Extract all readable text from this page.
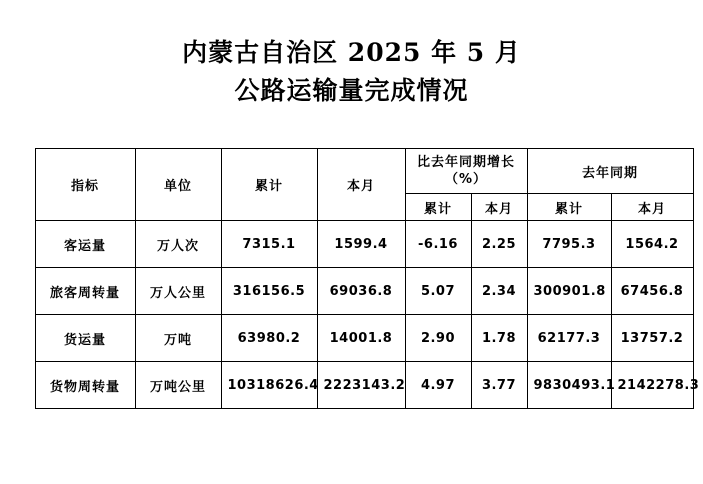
内蒙古自治区 2025 年 5 月
公路运输量完成情况
指标	单位	累计	本月	比去年同期增长（%）		去年同期	
				累计	本月	累计	本月
客运量	万人次	7315.1	1599.4	-6.16	2.25	7795.3	1564.2
旅客周转量	万人公里	316156.5	69036.8	5.07	2.34	300901.8	67456.8
货运量	万吨	63980.2	14001.8	2.90	1.78	62177.3	13757.2
货物周转量	万吨公里	10318626.4	2223143.2	4.97	3.77	9830493.1	2142278.3
